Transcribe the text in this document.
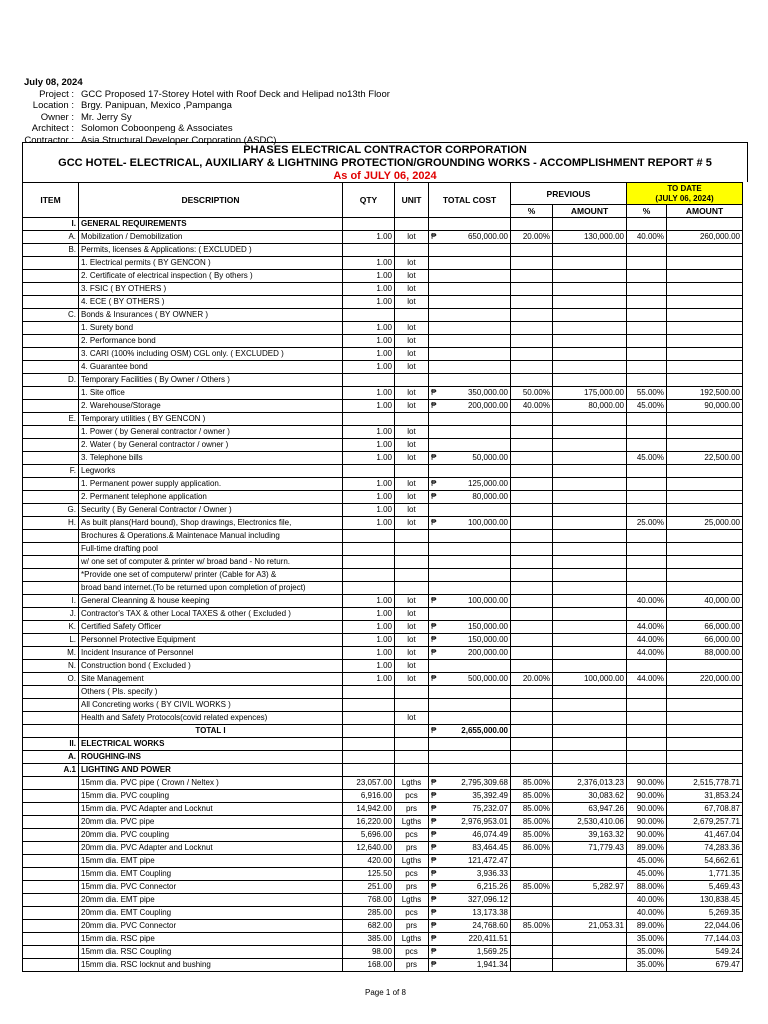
July 08, 2024
Project : GCC Proposed 17-Storey Hotel with Roof Deck and Helipad no13th Floor
Location : Brgy. Panipuan, Mexico ,Pampanga
Owner : Mr. Jerry Sy
Architect : Solomon Coboonpeng & Associates
Contractor : Asia Structural Developer Corporation (ASDC)
PHASES ELECTRICAL CONTRACTOR CORPORATION
GCC HOTEL- ELECTRICAL, AUXILIARY & LIGHTNING PROTECTION/GROUNDING WORKS - ACCOMPLISHMENT REPORT # 5
As of JULY 06, 2024
ITEM	DESCRIPTION	QTY	UNIT	TOTAL COST		PREVIOUS		TO DATE
(JULY 06, 2024)	
						%	AMOUNT	%	AMOUNT
I.	GENERAL REQUIREMENTS								
A.	Mobilization / Demobilization	1.00	lot	₱	650,000.00	20.00%	130,000.00	40.00%	260,000.00
B.	Permits, licenses & Applications: ( EXCLUDED )								
	1. Electrical permits ( BY GENCON )	1.00	lot						
	2. Certificate of electrical inspection ( By others )	1.00	lot						
	3. FSIC ( BY OTHERS )	1.00	lot						
	4. ECE ( BY OTHERS )	1.00	lot						
C.	Bonds & Insurances ( BY OWNER )								
	1. Surety bond	1.00	lot						
	2. Performance bond	1.00	lot						
	3. CARI (100% including OSM) CGL only. ( EXCLUDED )	1.00	lot						
	4. Guarantee bond	1.00	lot						
D.	Temporary Facilities ( By Owner / Others )								
	1. Site office	1.00	lot	₱	350,000.00	50.00%	175,000.00	55.00%	192,500.00
	2. Warehouse/Storage	1.00	lot	₱	200,000.00	40.00%	80,000.00	45.00%	90,000.00
E.	Temporary utilities ( BY GENCON )								
	1. Power ( by General contractor / owner )	1.00	lot						
	2. Water ( by General contractor / owner )	1.00	lot						
	3. Telephone bills	1.00	lot	₱	50,000.00			45.00%	22,500.00
F.	Legworks								
	1. Permanent power supply application.	1.00	lot	₱	125,000.00				
	2. Permanent telephone application	1.00	lot	₱	80,000.00				
G.	Security ( By General Contractor / Owner )	1.00	lot						
H.	As built plans(Hard bound), Shop drawings, Electronics file,	1.00	lot	₱	100,000.00			25.00%	25,000.00
	Brochures & Operations.& Maintenace Manual including								
	Full-time drafting pool								
	w/ one set of computer & printer w/ broad band - No return.								
	*Provide one set of computerw/ printer (Cable for A3) &								
	broad band internet.(To be returned upon completion of project)								
I.	General Cleanning & house keeping	1.00	lot	₱	100,000.00			40.00%	40,000.00
J.	Contractor's TAX & other Local TAXES & other ( Excluded )	1.00	lot						
K.	Certified Safety Officer	1.00	lot	₱	150,000.00			44.00%	66,000.00
L.	Personnel Protective Equipment	1.00	lot	₱	150,000.00			44.00%	66,000.00
M.	Incident Insurance of Personnel	1.00	lot	₱	200,000.00			44.00%	88,000.00
N.	Construction bond ( Excluded )	1.00	lot						
O.	Site Management	1.00	lot	₱	500,000.00	20.00%	100,000.00	44.00%	220,000.00
	Others ( Pls. specify )								
	All Concreting works ( BY CIVIL WORKS )								
	Health and Safety Protocols(covid related expences)		lot						
	TOTAL I			₱	2,655,000.00				
II.	ELECTRICAL WORKS								
A.	ROUGHING-INS								
A.1	LIGHTING AND POWER								
	15mm dia. PVC pipe ( Crown / Neltex )	23,057.00	Lgths	₱	2,795,309.68	85.00%	2,376,013.23	90.00%	2,515,778.71
	15mm dia. PVC coupling	6,916.00	pcs	₱	35,392.49	85.00%	30,083.62	90.00%	31,853.24
	15mm dia. PVC Adapter and Locknut	14,942.00	prs	₱	75,232.07	85.00%	63,947.26	90.00%	67,708.87
	20mm dia. PVC pipe	16,220.00	Lgths	₱	2,976,953.01	85.00%	2,530,410.06	90.00%	2,679,257.71
	20mm dia. PVC coupling	5,696.00	pcs	₱	46,074.49	85.00%	39,163.32	90.00%	41,467.04
	20mm dia. PVC Adapter and Locknut	12,640.00	prs	₱	83,464.45	86.00%	71,779.43	89.00%	74,283.36
	15mm dia. EMT pipe	420.00	Lgths	₱	121,472.47			45.00%	54,662.61
	15mm dia. EMT Coupling	125.50	pcs	₱	3,936.33			45.00%	1,771.35
	15mm dia. PVC Connector	251.00	prs	₱	6,215.26	85.00%	5,282.97	88.00%	5,469.43
	20mm dia. EMT pipe	768.00	Lgths	₱	327,096.12			40.00%	130,838.45
	20mm dia. EMT Coupling	285.00	pcs	₱	13,173.38			40.00%	5,269.35
	20mm dia. PVC Connector	682.00	prs	₱	24,768.60	85.00%	21,053.31	89.00%	22,044.06
	15mm dia. RSC pipe	385.00	Lgths	₱	220,411.51			35.00%	77,144.03
	15mm dia. RSC Coupling	98.00	pcs	₱	1,569.25			35.00%	549.24
	15mm dia. RSC locknut and bushing	168.00	prs	₱	1,941.34			35.00%	679.47
Page 1 of 8
